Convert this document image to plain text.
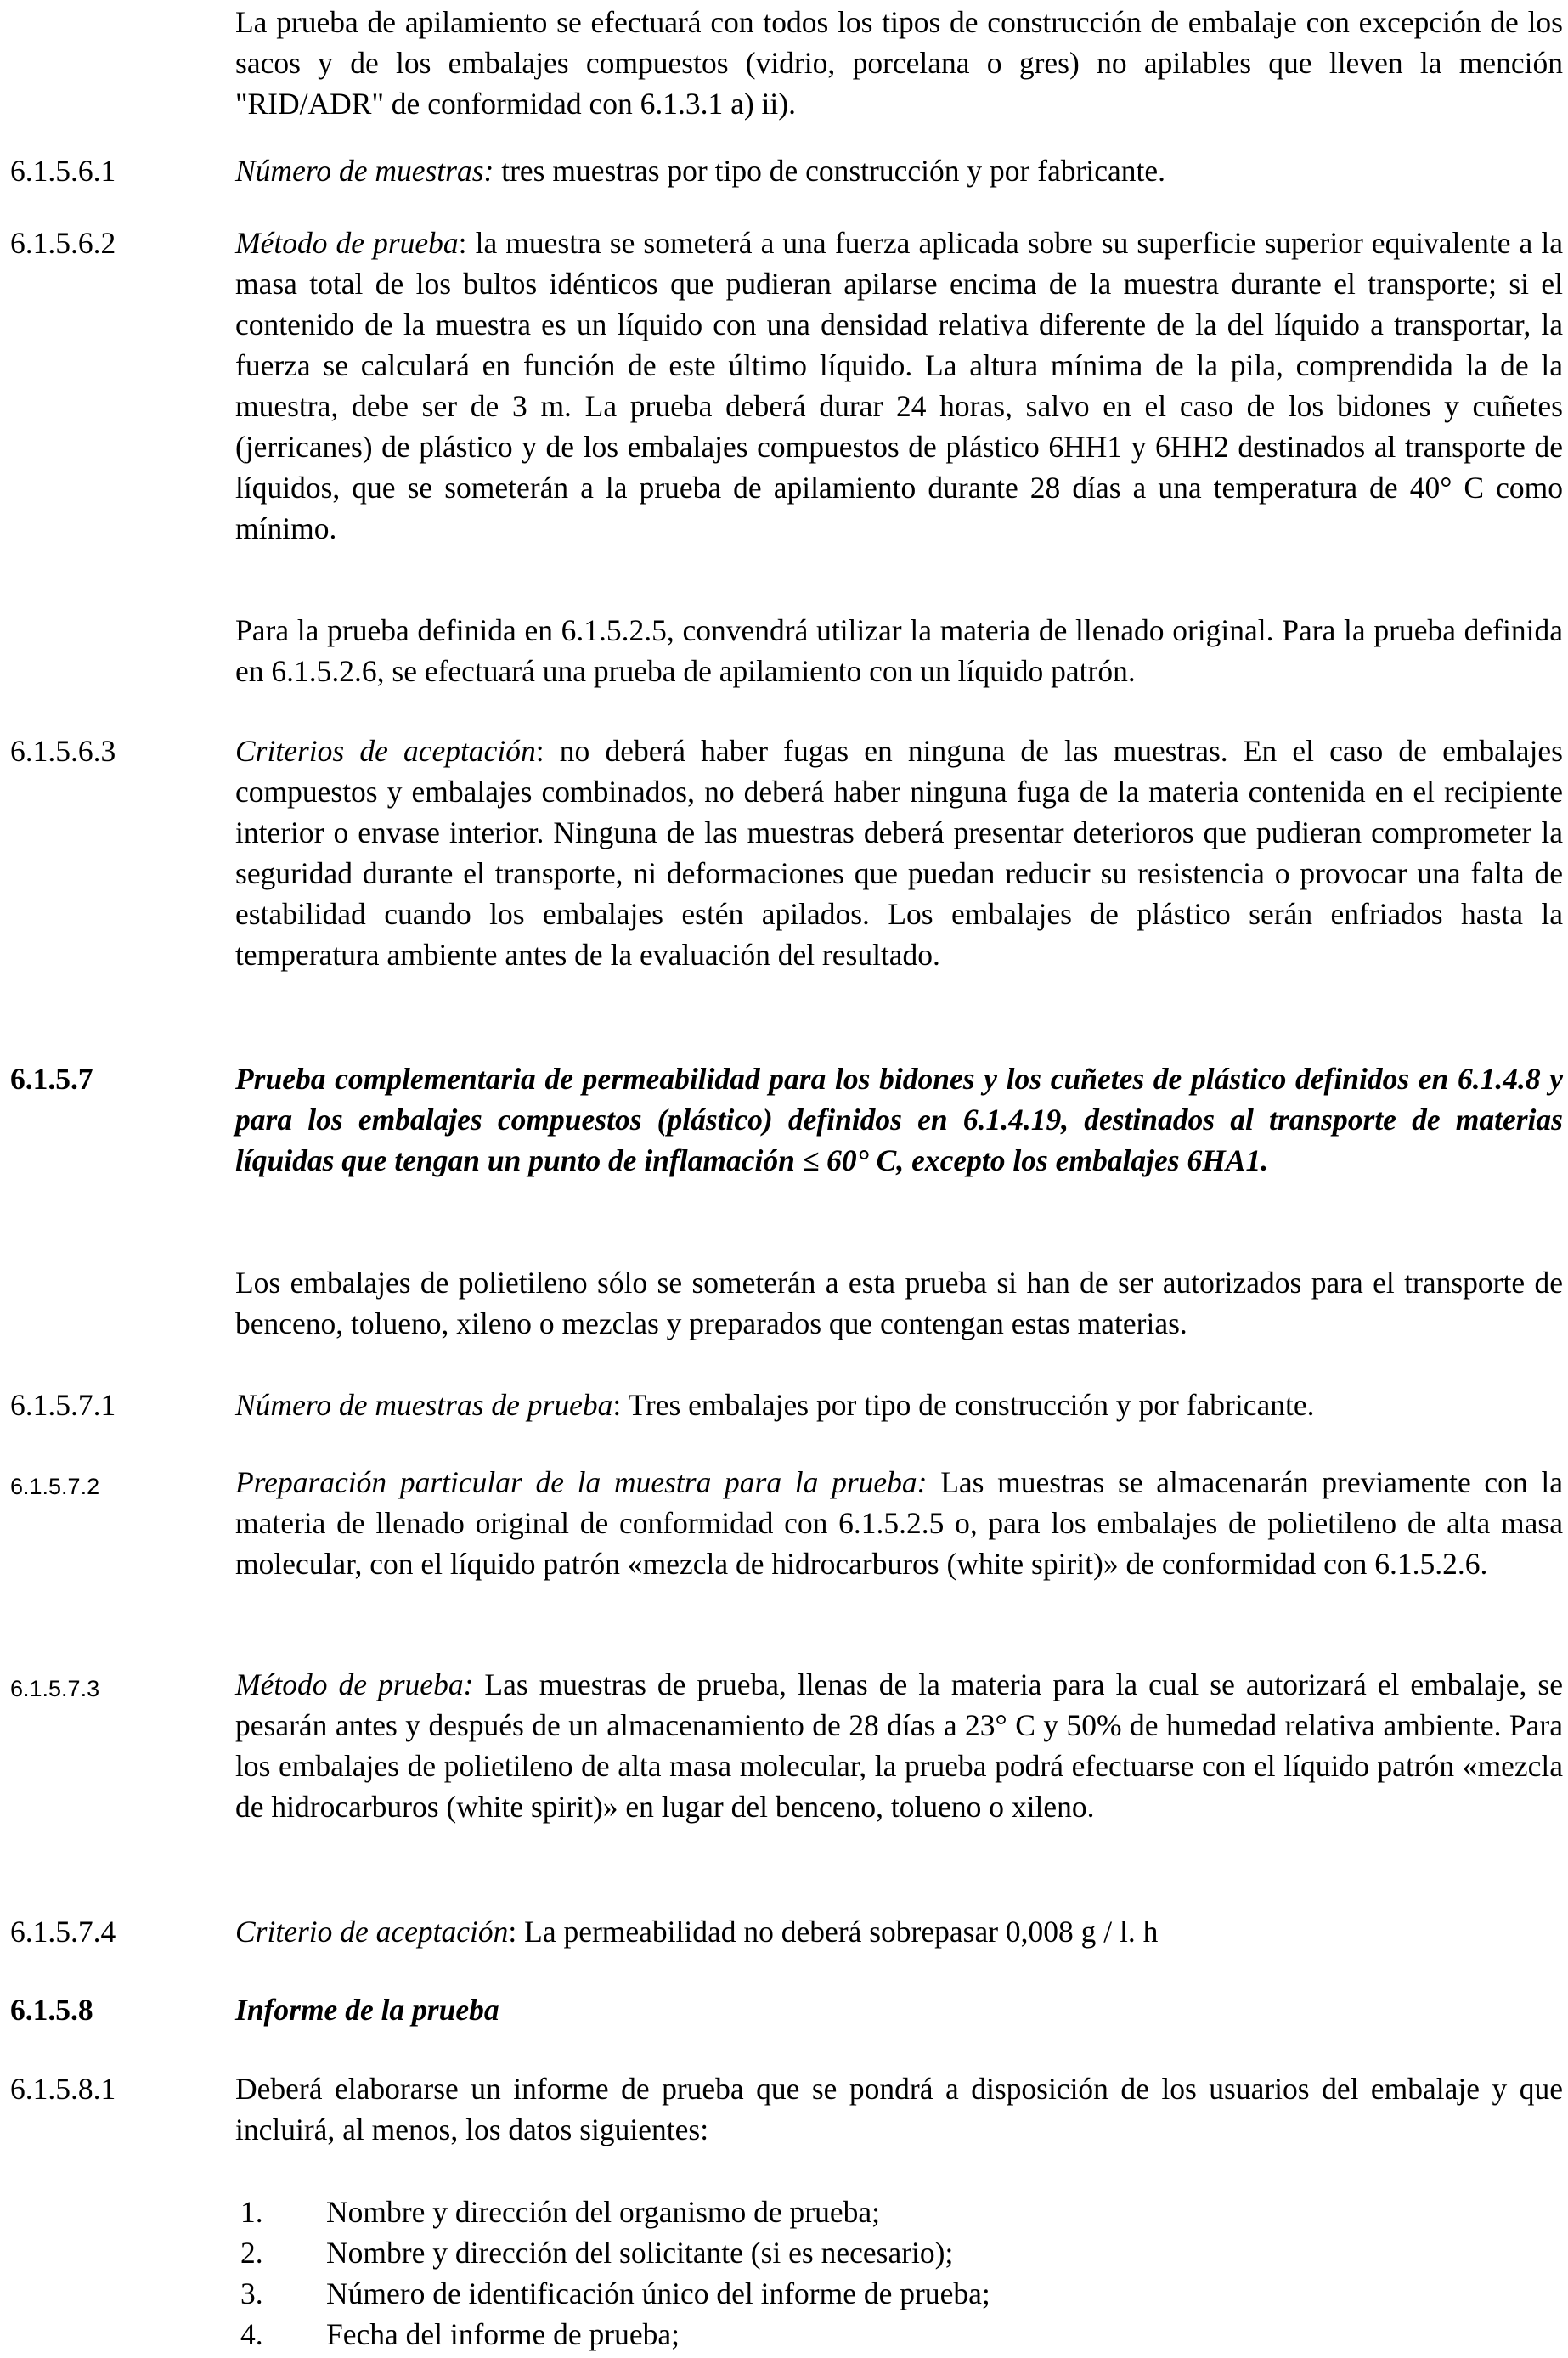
La prueba de apilamiento se efectuará con todos los tipos de construcción de embalaje con excepción de los sacos y de los embalajes compuestos (vidrio, porcelana o gres) no apilables que lleven la mención "RID/ADR" de conformidad con 6.1.3.1 a) ii).
6.1.5.6.1	Número de muestras: tres muestras por tipo de construcción y por fabricante.
6.1.5.6.2	Método de prueba: la muestra se someterá a una fuerza aplicada sobre su superficie superior equivalente a la masa total de los bultos idénticos que pudieran apilarse encima de la muestra durante el transporte; si el contenido de la muestra es un líquido con una densidad relativa diferente de la del líquido a transportar, la fuerza se calculará en función de este último líquido. La altura mínima de la pila, comprendida la de la muestra, debe ser de 3 m. La prueba deberá durar 24 horas, salvo en el caso de los bidones y cuñetes (jerricanes) de plástico y de los embalajes compuestos de plástico 6HH1 y 6HH2 destinados al transporte de líquidos, que se someterán a la prueba de apilamiento durante 28 días a una temperatura de 40° C como mínimo.
Para la prueba definida en 6.1.5.2.5, convendrá utilizar la materia de llenado original. Para la prueba definida en 6.1.5.2.6, se efectuará una prueba de apilamiento con un líquido patrón.
6.1.5.6.3	Criterios de aceptación: no deberá haber fugas en ninguna de las muestras. En el caso de embalajes compuestos y embalajes combinados, no deberá haber ninguna fuga de la materia contenida en el recipiente interior o envase interior. Ninguna de las muestras deberá presentar deterioros que pudieran comprometer la seguridad durante el transporte, ni deformaciones que puedan reducir su resistencia o provocar una falta de estabilidad cuando los embalajes estén apilados. Los embalajes de plástico serán enfriados hasta la temperatura ambiente antes de la evaluación del resultado.
6.1.5.7	Prueba complementaria de permeabilidad para los bidones y los cuñetes de plástico definidos en 6.1.4.8 y para los embalajes compuestos (plástico) definidos en 6.1.4.19, destinados al transporte de materias líquidas que tengan un punto de inflamación ≤ 60° C, excepto los embalajes 6HA1.
Los embalajes de polietileno sólo se someterán a esta prueba si han de ser autorizados para el transporte de benceno, tolueno, xileno o mezclas y preparados que contengan estas materias.
6.1.5.7.1	Número de muestras de prueba: Tres embalajes por tipo de construcción y por fabricante.
6.1.5.7.2	Preparación particular de la muestra para la prueba: Las muestras se almacenarán previamente con la materia de llenado original de conformidad con 6.1.5.2.5 o, para los embalajes de polietileno de alta masa molecular, con el líquido patrón «mezcla de hidrocarburos (white spirit)» de conformidad con 6.1.5.2.6.
6.1.5.7.3	Método de prueba: Las muestras de prueba, llenas de la materia para la cual se autorizará el embalaje, se pesarán antes y después de un almacenamiento de 28 días a 23° C y 50% de humedad relativa ambiente. Para los embalajes de polietileno de alta masa molecular, la prueba podrá efectuarse con el líquido patrón «mezcla de hidrocarburos (white spirit)» en lugar del benceno, tolueno o xileno.
6.1.5.7.4	Criterio de aceptación: La permeabilidad no deberá sobrepasar 0,008 g / l. h
6.1.5.8	Informe de la prueba
6.1.5.8.1	Deberá elaborarse un informe de prueba que se pondrá a disposición de los usuarios del embalaje y que incluirá, al menos, los datos siguientes:
1. Nombre y dirección del organismo de prueba;
2. Nombre y dirección del solicitante (si es necesario);
3. Número de identificación único del informe de prueba;
4. Fecha del informe de prueba;
